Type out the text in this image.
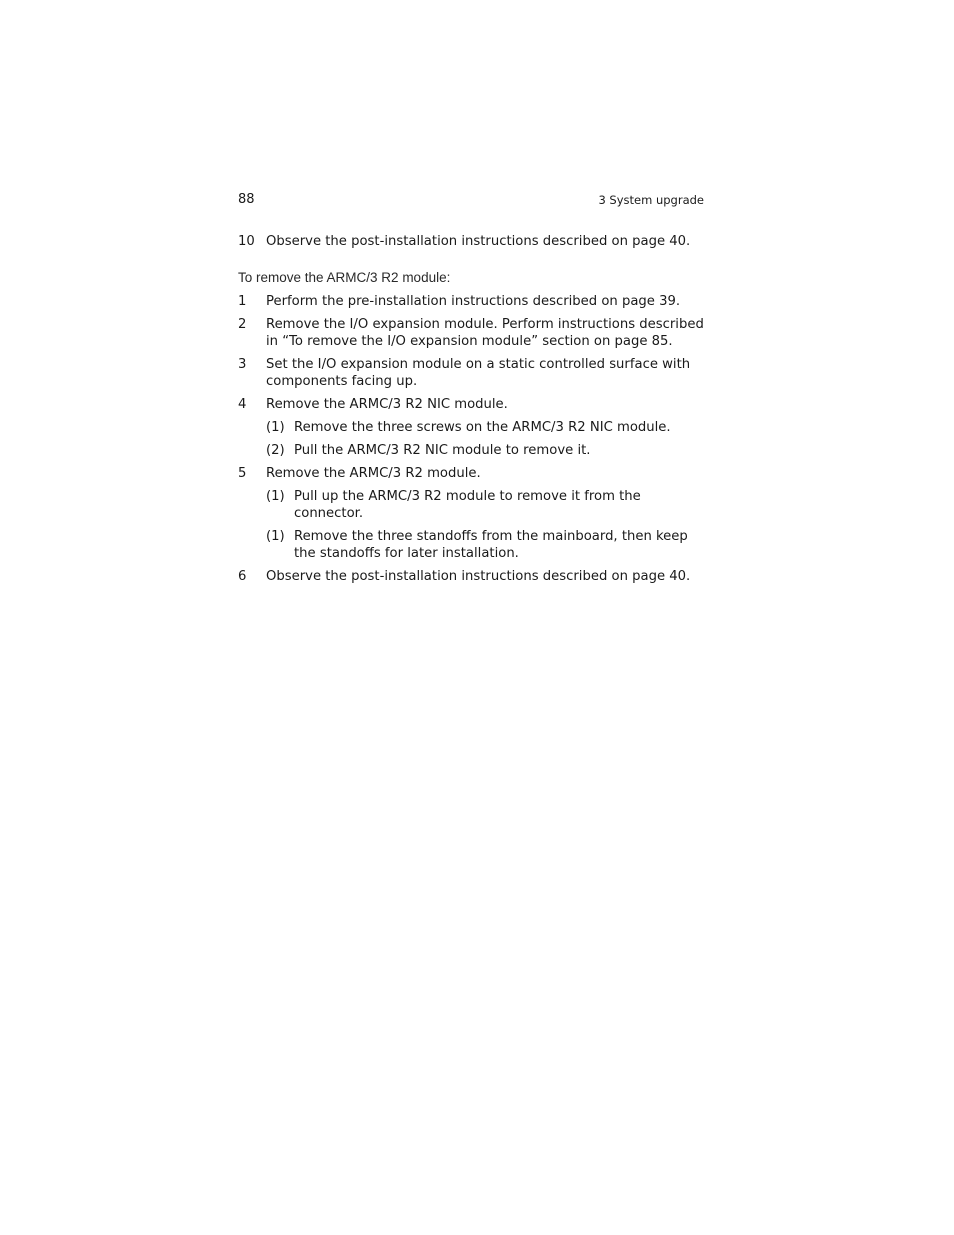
88	3 System upgrade
10 Observe the post-installation instructions described on page 40.
To remove the ARMC/3 R2 module:
1 Perform the pre-installation instructions described on page 39.
2 Remove the I/O expansion module. Perform instructions described in “To remove the I/O expansion module” section on page 85.
3 Set the I/O expansion module on a static controlled surface with components facing up.
4 Remove the ARMC/3 R2 NIC module.
(1) Remove the three screws on the ARMC/3 R2 NIC module.
(2) Pull the ARMC/3 R2 NIC module to remove it.
5 Remove the ARMC/3 R2 module.
(1) Pull up the ARMC/3 R2 module to remove it from the connector.
(1) Remove the three standoffs from the mainboard, then keep the standoffs for later installation.
6 Observe the post-installation instructions described on page 40.
